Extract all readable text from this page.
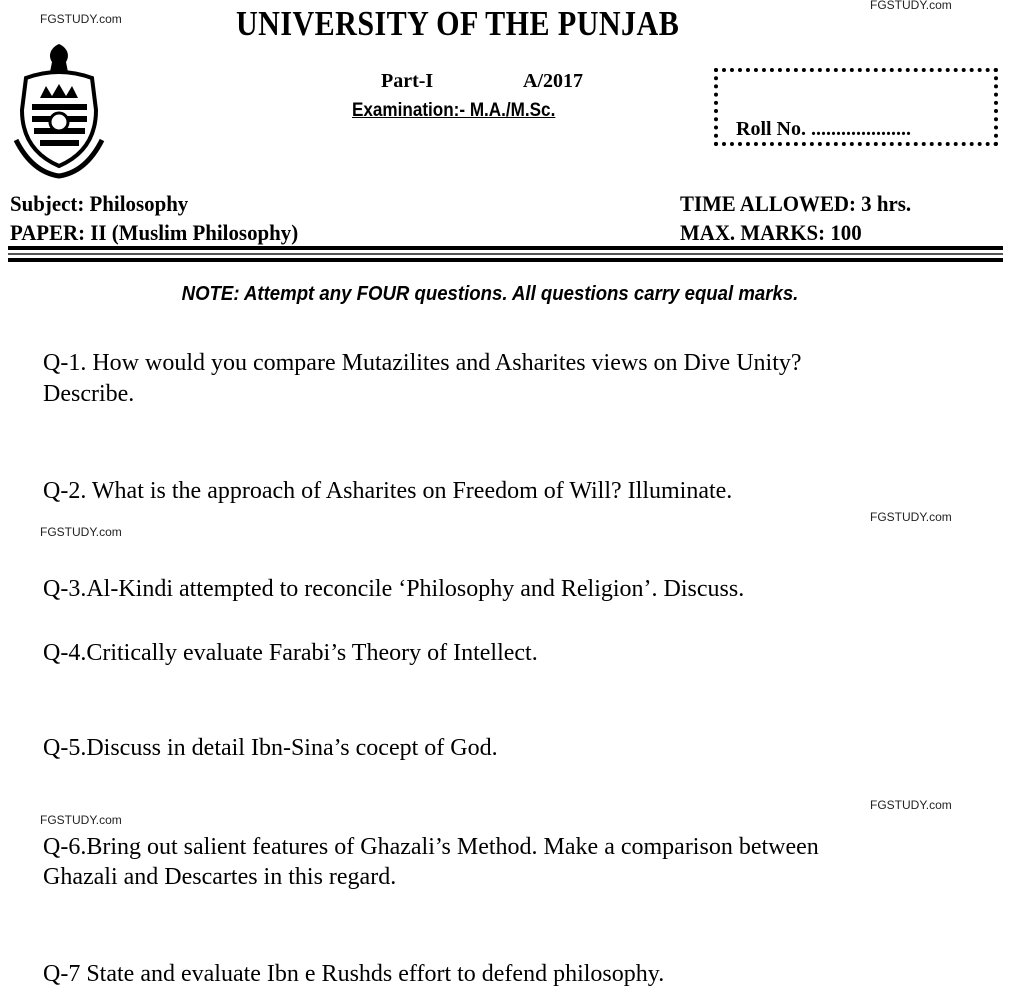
FGSTUDY.com
FGSTUDY.com
FGSTUDY.com
FGSTUDY.com
FGSTUDY.com
FGSTUDY.com
UNIVERSITY OF THE PUNJAB
Part-I	A/2017
Examination:- M.A./M.Sc.
Roll No. ....................
Subject: Philosophy
PAPER: II (Muslim Philosophy)
TIME ALLOWED: 3 hrs.
MAX. MARKS: 100
NOTE: Attempt any FOUR questions. All questions carry equal marks.
Q-1. How would you compare Mutazilites and Asharites views on Dive Unity?
Describe.
Q-2. What is the approach of Asharites on Freedom of Will? Illuminate.
Q-3.Al-Kindi attempted to reconcile ‘Philosophy and Religion’. Discuss.
Q-4.Critically evaluate Farabi’s Theory of Intellect.
Q-5.Discuss in detail Ibn-Sina’s cocept of God.
Q-6.Bring out salient features of Ghazali’s Method. Make a comparison between
Ghazali and Descartes in this regard.
Q-7 State and evaluate Ibn e Rushds effort to defend philosophy.
